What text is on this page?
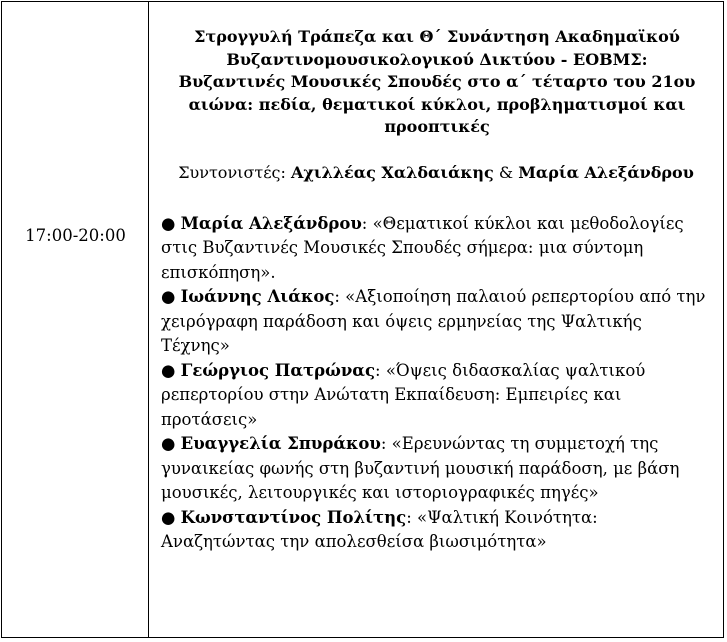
17:00-20:00
Στρογγυλή Τράπεζα και Θ΄ Συνάντηση Ακαδημαϊκού
Βυζαντινομουσικολογικού Δικτύου - ΕΟΒΜΣ:
Βυζαντινές Μουσικές Σπουδές στο α΄ τέταρτο του 21ου
αιώνα: πεδία, θεματικοί κύκλοι, προβληματισμοί και
προοπτικές
Συντονιστές: Αχιλλέας Χαλδαιάκης & Μαρία Αλεξάνδρου
● Μαρία Αλεξάνδρου: «Θεματικοί κύκλοι και μεθοδολογίες στις Βυζαντινές Μουσικές Σπουδές σήμερα: μια σύντομη επισκόπηση».
● Ιωάννης Λιάκος: «Αξιοποίηση παλαιού ρεπερτορίου από την χειρόγραφη παράδοση και όψεις ερμηνείας της Ψαλτικής Τέχνης»
● Γεώργιος Πατρώνας: «Όψεις διδασκαλίας ψαλτικού ρεπερτορίου στην Ανώτατη Εκπαίδευση: Εμπειρίες και προτάσεις»
● Ευαγγελία Σπυράκου: «Ερευνώντας τη συμμετοχή της γυναικείας φωνής στη βυζαντινή μουσική παράδοση, με βάση μουσικές, λειτουργικές και ιστοριογραφικές πηγές»
● Κωνσταντίνος Πολίτης: «Ψαλτική Κοινότητα: Αναζητώντας την απολεσθείσα βιωσιμότητα»
